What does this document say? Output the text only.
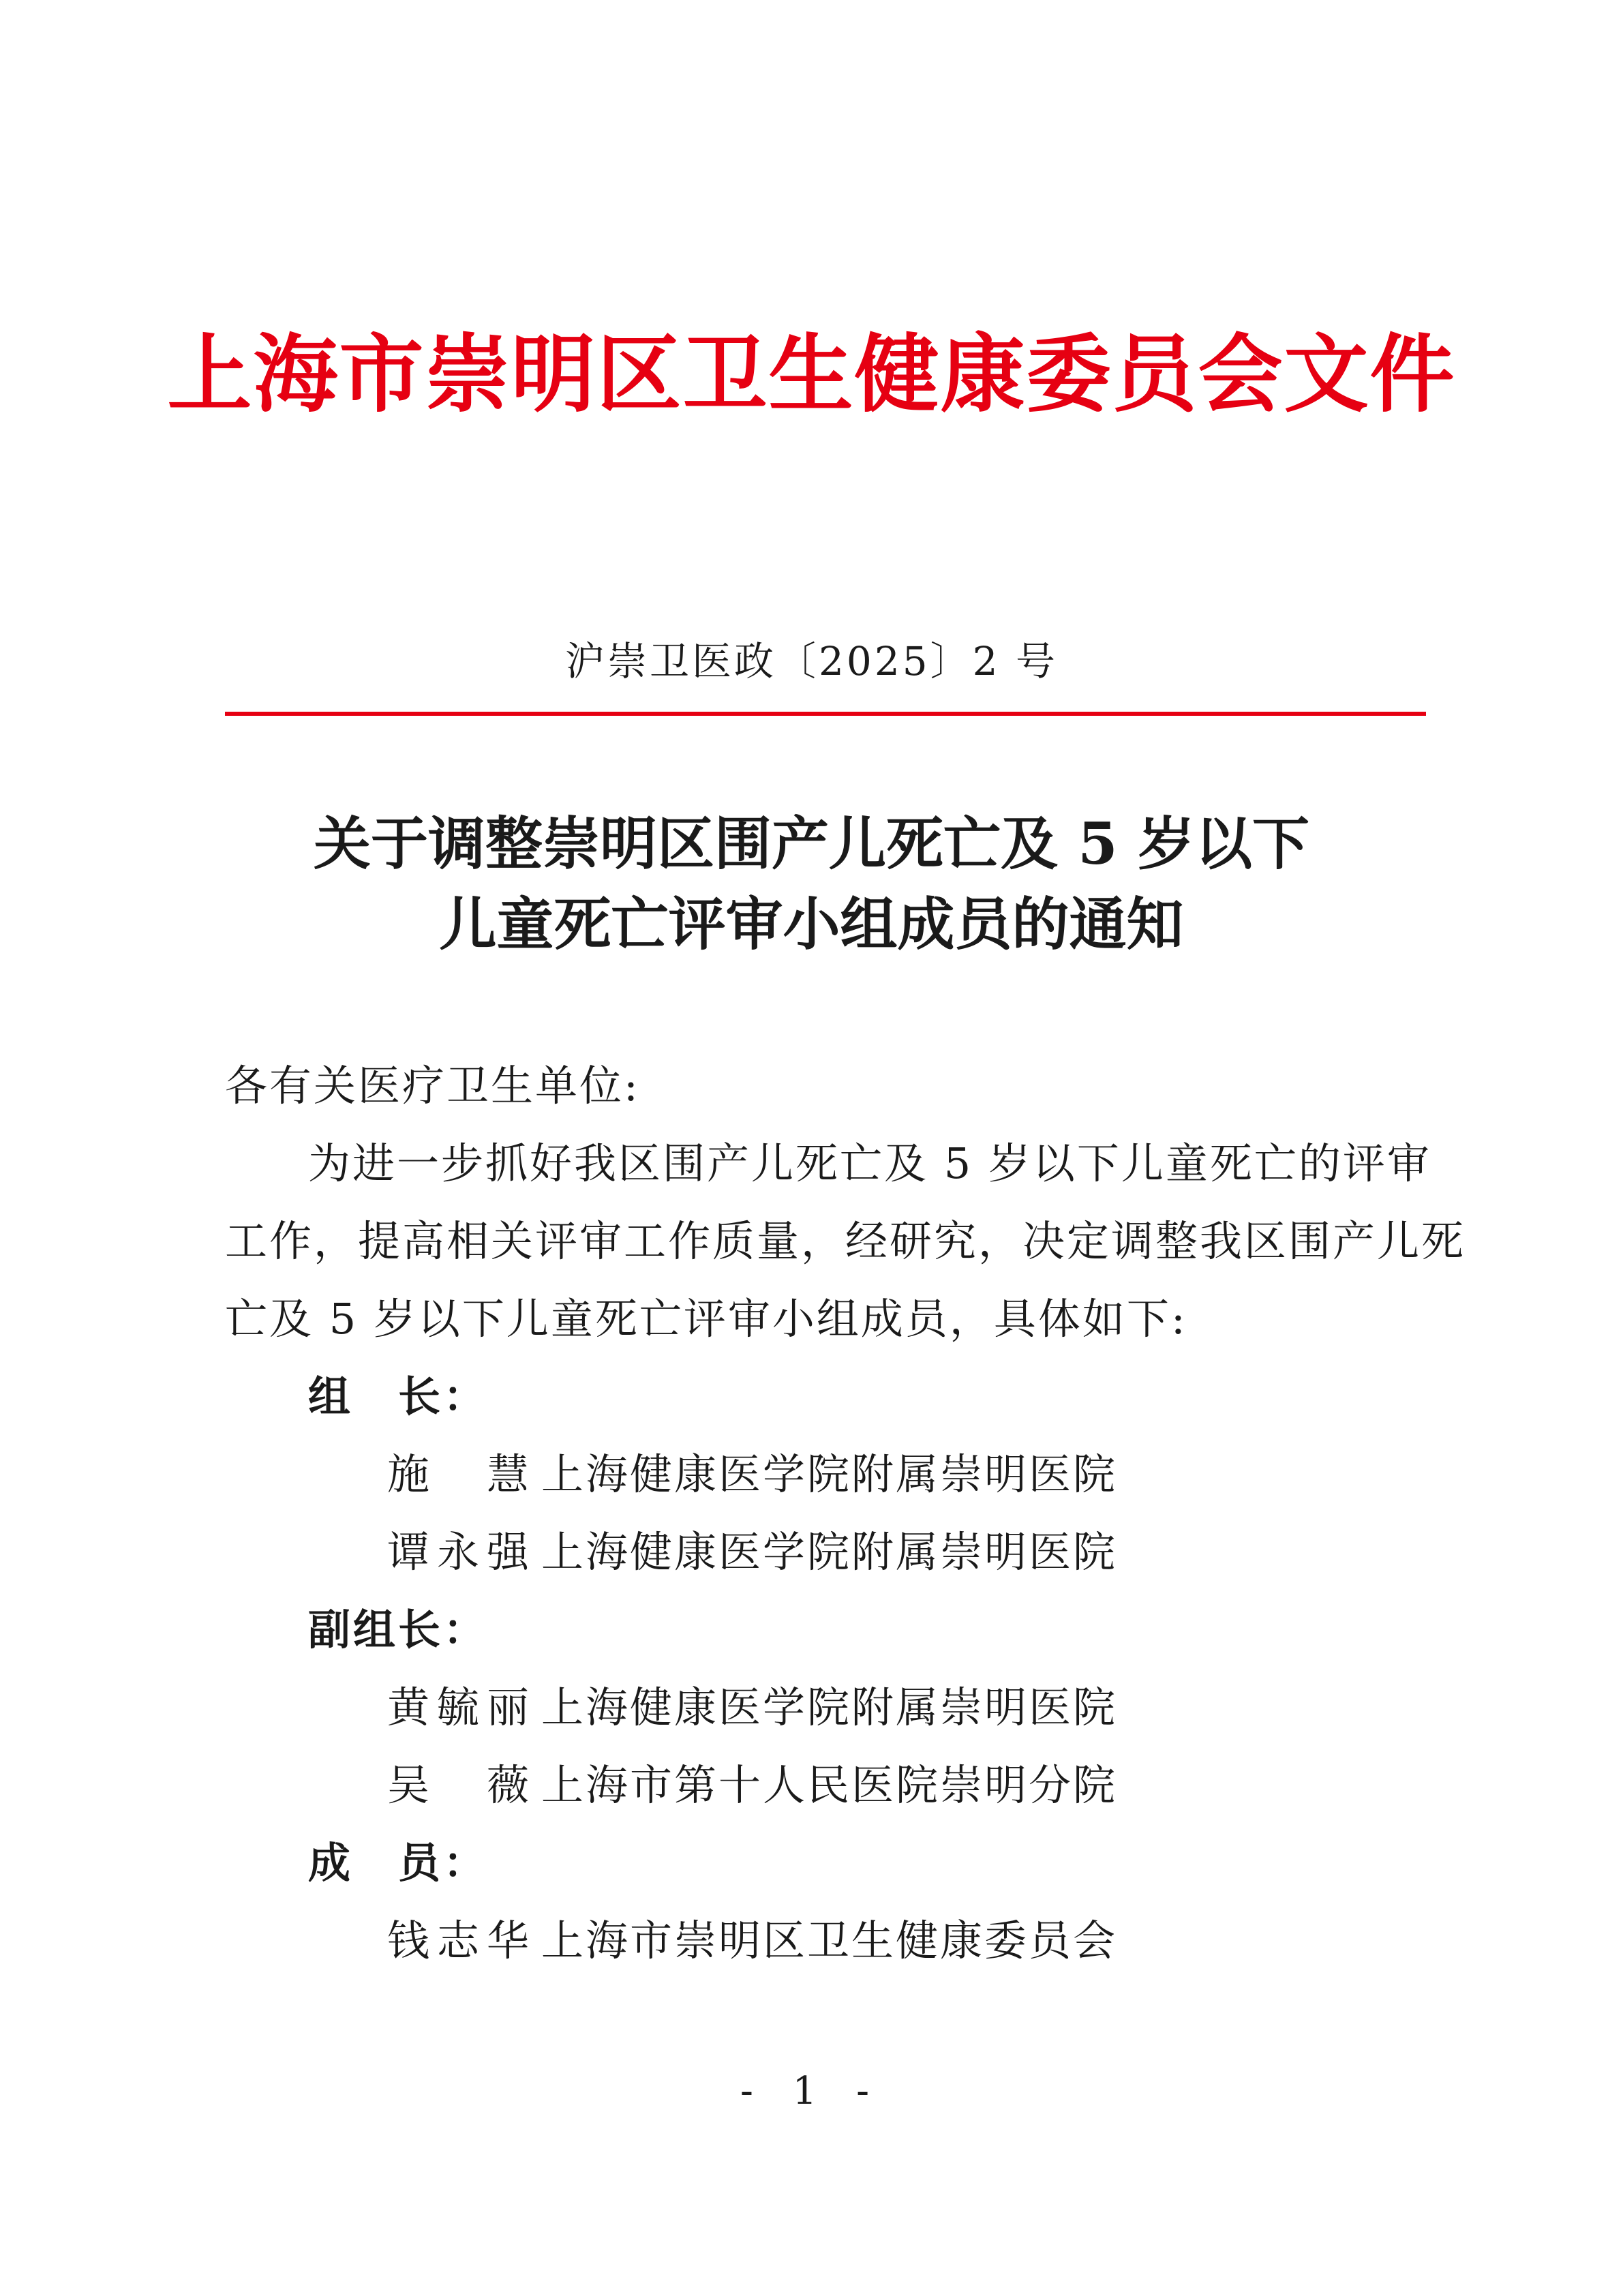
上海市崇明区卫生健康委员会文件
沪崇卫医政〔2025〕2 号
关于调整崇明区围产儿死亡及 5 岁以下
儿童死亡评审小组成员的通知
各有关医疗卫生单位:
为进一步抓好我区围产儿死亡及 5 岁以下儿童死亡的评审
工作，提高相关评审工作质量，经研究，决定调整我区围产儿死
亡及 5 岁以下儿童死亡评审小组成员，具体如下:
组　长：
施慧 上海健康医学院附属崇明医院
谭永强 上海健康医学院附属崇明医院
副组长：
黄毓丽 上海健康医学院附属崇明医院
吴薇 上海市第十人民医院崇明分院
成　员：
钱志华 上海市崇明区卫生健康委员会
- 1 -
